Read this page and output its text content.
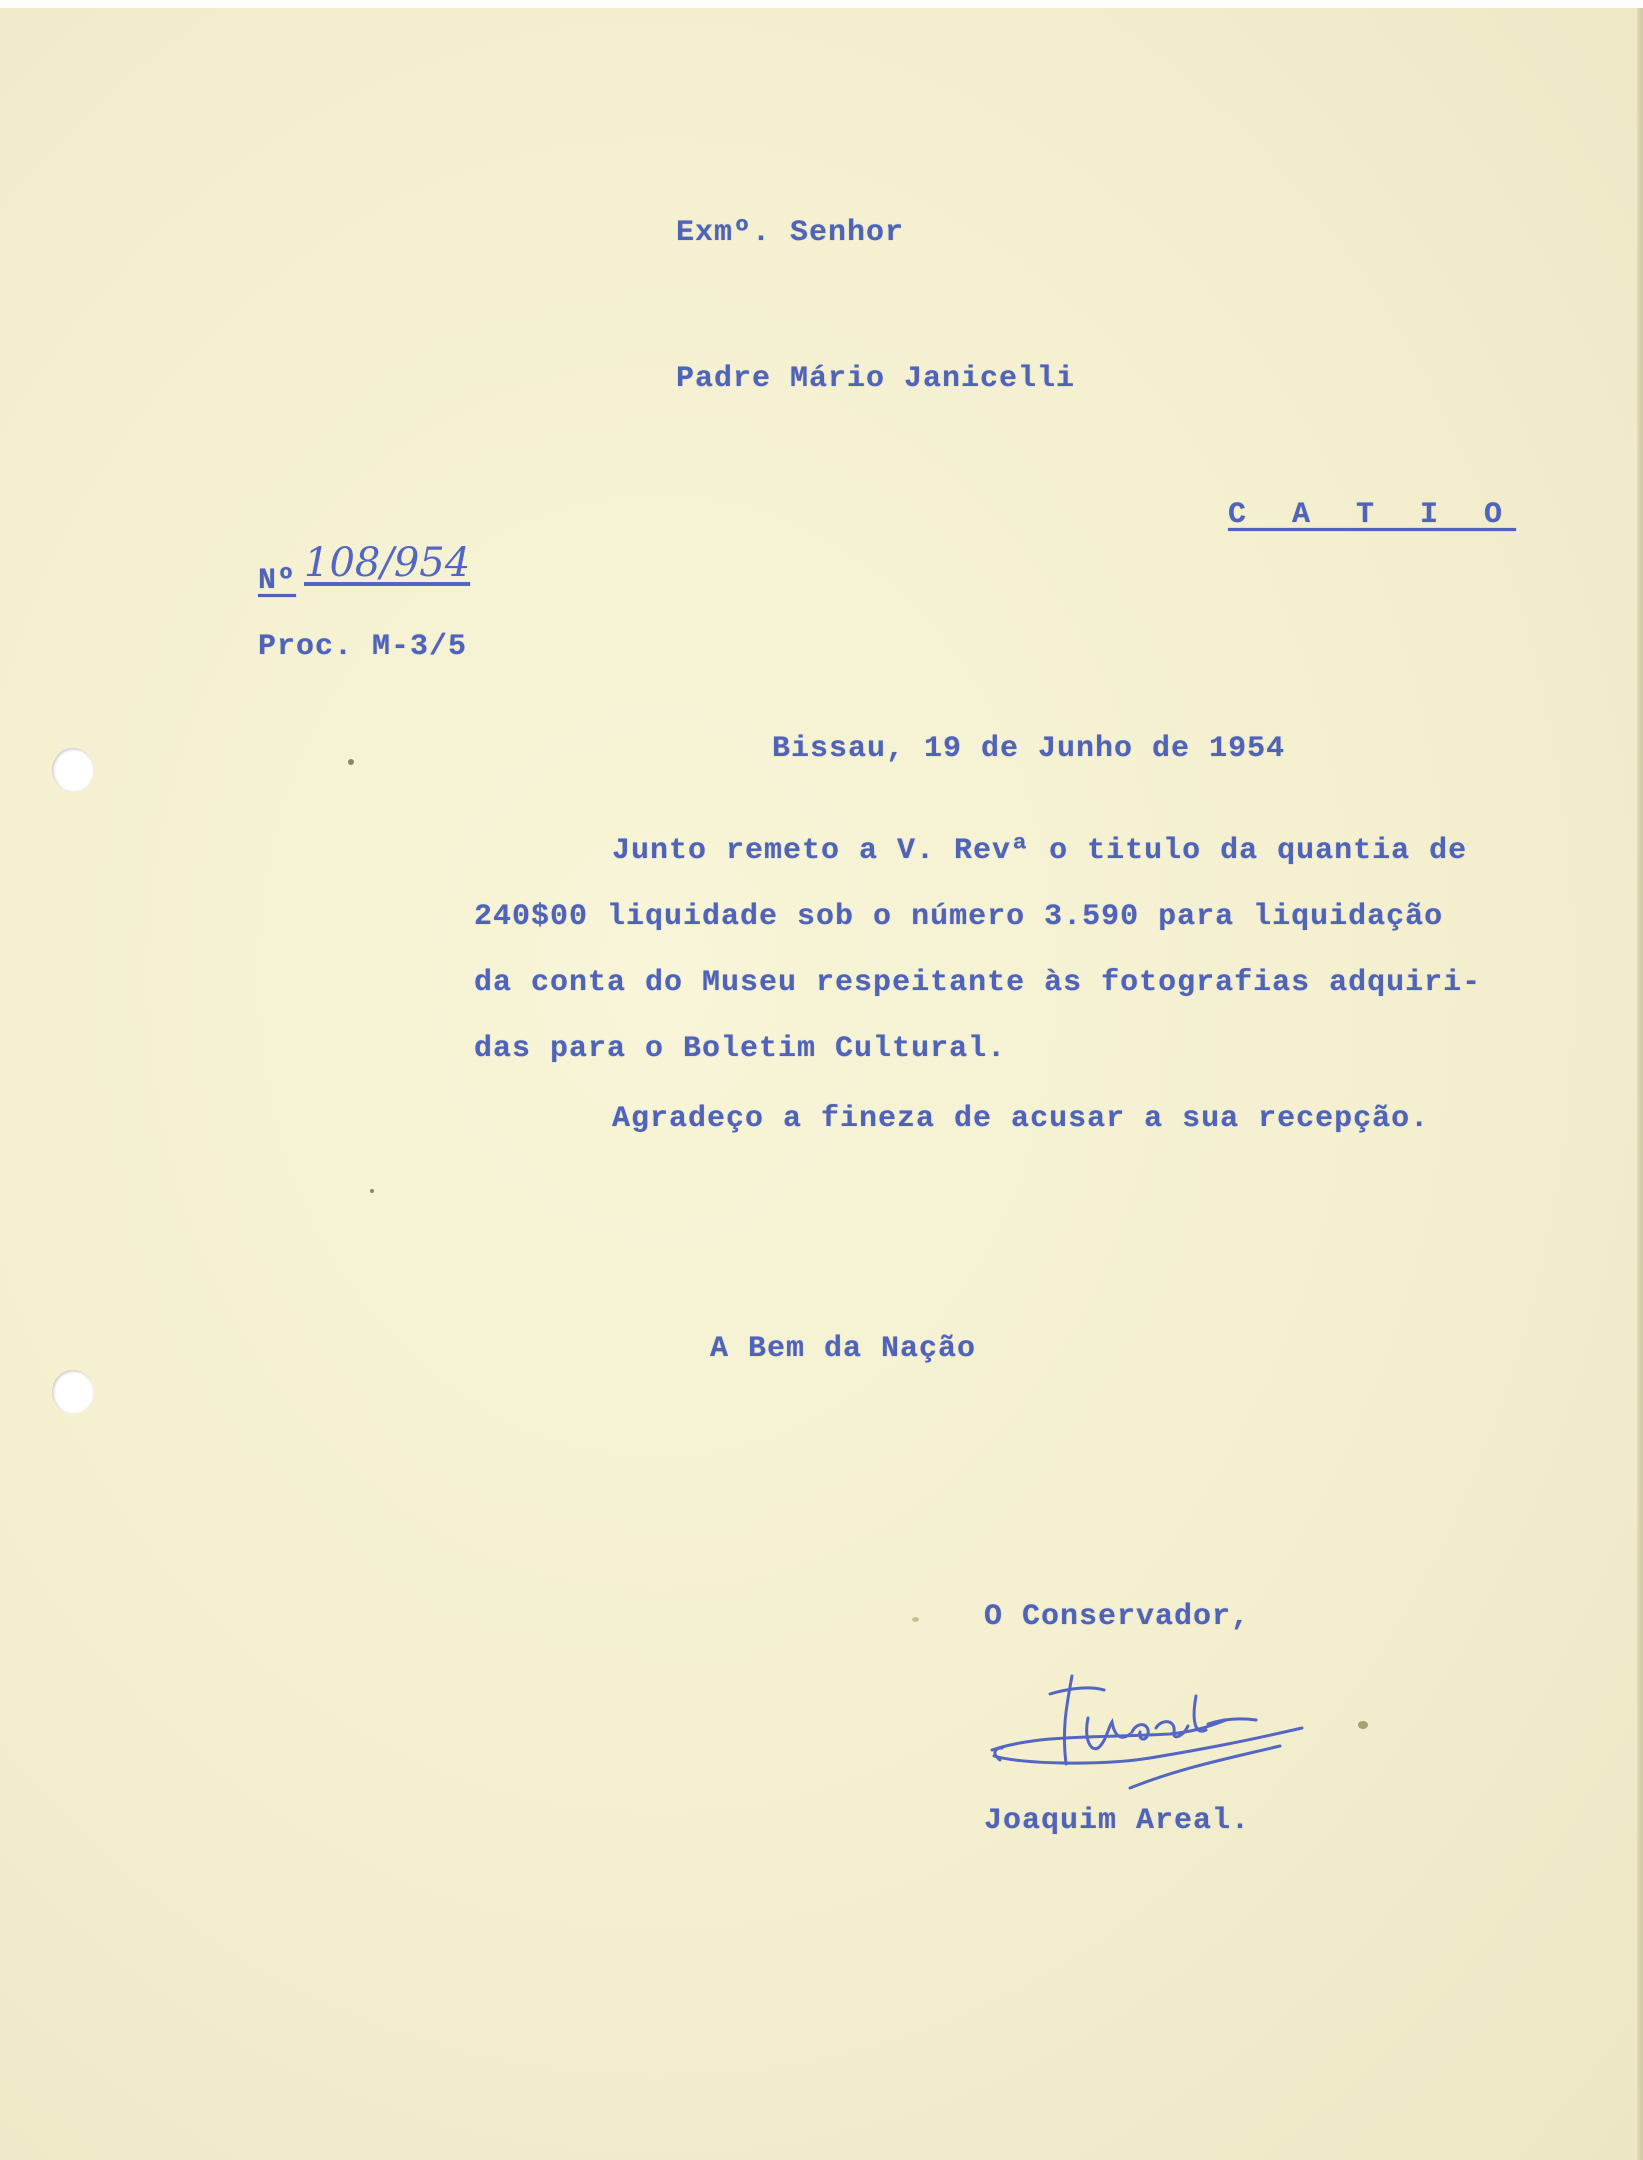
Exmº. Senhor
Padre Mário Janicelli
C A T I O
Nº 108/954
Proc. M-3/5
Bissau, 19 de Junho de 1954
Junto remeto a V. Revª o titulo da quantia de
240$00 liquidade sob o número 3.590 para liquidação
da conta do Museu respeitante às fotografias adquiri-
das para o Boletim Cultural.
Agradeço a fineza de acusar a sua recepção.
A Bem da Nação
O Conservador,
Joaquim Areal.
